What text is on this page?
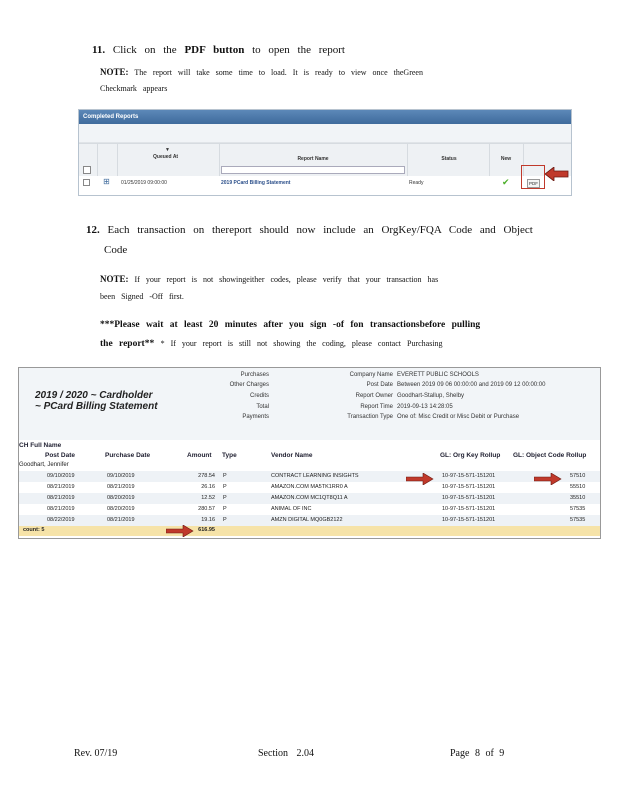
11. Click on the PDF button to open the report
NOTE: The report will take some time to load. It is ready to view once theGreen
Checkmark appears
Completed Reports
▼
Queued At	Report Name	Status	New
⊞ 01/25/2019 09:00:00	2019 PCard Billing Statement	Ready	✔	PDF
12. Each transaction on thereport should now include an OrgKey/FQA Code and Object
Code
NOTE: If your report is not showingeither codes, please verify that your transaction has
been Signed -Off first.
***Please wait at least 20 minutes after you sign -of fon transactionsbefore pulling
the report** * If your report is still not showing the coding, please contact Purchasing
2019 / 2020 ~ Cardholder
~ PCard Billing Statement
Purchases
Other Charges
Credits
Total
Payments
Company Name EVERETT PUBLIC SCHOOLS
Post Date Between 2019 09 06 00:00:00 and 2019 09 12 00:00:00
Report Owner Goodhart-Stallup, Shelby
Report Time 2019-09-13 14:28:05
Transaction Type One of: Misc Credit or Misc Debit or Purchase
CH Full Name
Post Date	Purchase Date	Amount Type	Vendor Name	GL: Org Key Rollup GL: Object Code Rollup
Goodhart, Jennifer
09/10/2019	09/10/2019	278.54 P	CONTRACT LEARNING INSIGHTS	10-97-15-571-151201	57510
08/21/2019	08/21/2019	26.16 P	AMAZON.COM MA5TK1RR0 A	10-97-15-571-151201	55510
08/21/2019	08/20/2019	12.52 P	AMAZON.COM MC1QT8Q11 A	10-97-15-571-151201	35510
08/21/2019	08/20/2019	280.57 P	ANIMAL OF INC	10-97-15-571-151201	57535
08/22/2019	08/21/2019	19.16 P	AMZN DIGITAL MQ0GB2122	10-97-15-571-151201	57535
count: 5	616.95
Rev. 07/19	Section 2.04	Page 8 of 9
